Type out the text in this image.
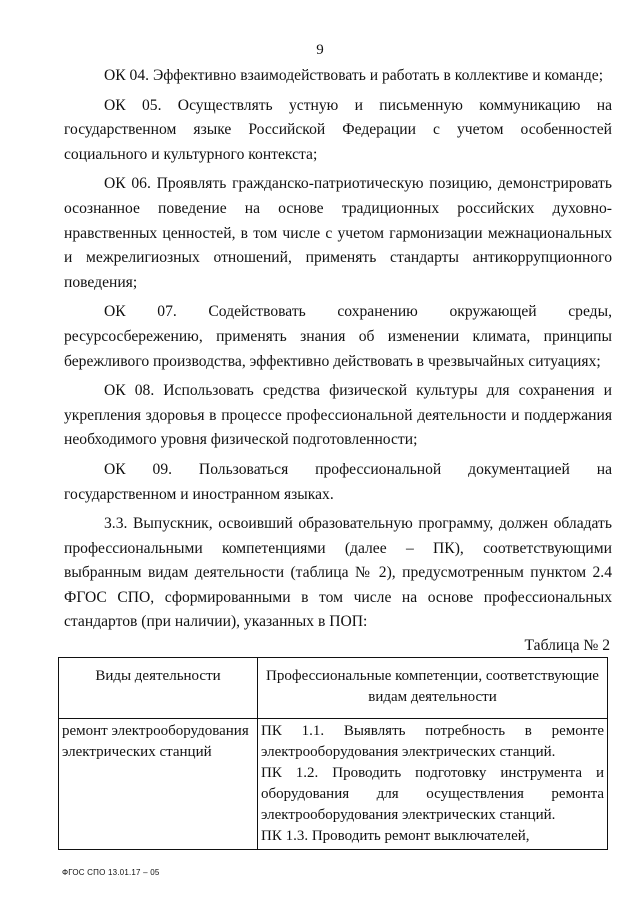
9

ОК 04. Эффективно взаимодействовать и работать в коллективе и команде;

ОК 05. Осуществлять устную и письменную коммуникацию на государственном языке Российской Федерации с учетом особенностей социального и культурного контекста;

ОК 06. Проявлять гражданско-патриотическую позицию, демонстрировать осознанное поведение на основе традиционных российских духовно-нравственных ценностей, в том числе с учетом гармонизации межнациональных и межрелигиозных отношений, применять стандарты антикоррупционного поведения;

ОК 07. Содействовать сохранению окружающей среды, ресурсосбережению, применять знания об изменении климата, принципы бережливого производства, эффективно действовать в чрезвычайных ситуациях;

ОК 08. Использовать средства физической культуры для сохранения и укрепления здоровья в процессе профессиональной деятельности и поддержания необходимого уровня физической подготовленности;

ОК 09. Пользоваться профессиональной документацией на государственном и иностранном языках.

3.3. Выпускник, освоивший образовательную программу, должен обладать профессиональными компетенциями (далее – ПК), соответствующими выбранным видам деятельности (таблица № 2), предусмотренным пунктом 2.4 ФГОС СПО, сформированными в том числе на основе профессиональных стандартов (при наличии), указанных в ПОП:

Таблица № 2
Виды деятельности	Профессиональные компетенции, соответствующие видам деятельности
ремонт электрооборудования электрических станций	ПК 1.1. Выявлять потребность в ремонте электрооборудования электрических станций.
ПК 1.2. Проводить подготовку инструмента и оборудования для осуществления ремонта электрооборудования электрических станций.
ПК 1.3. Проводить ремонт выключателей,
ФГОС СПО 13.01.17 – 05
